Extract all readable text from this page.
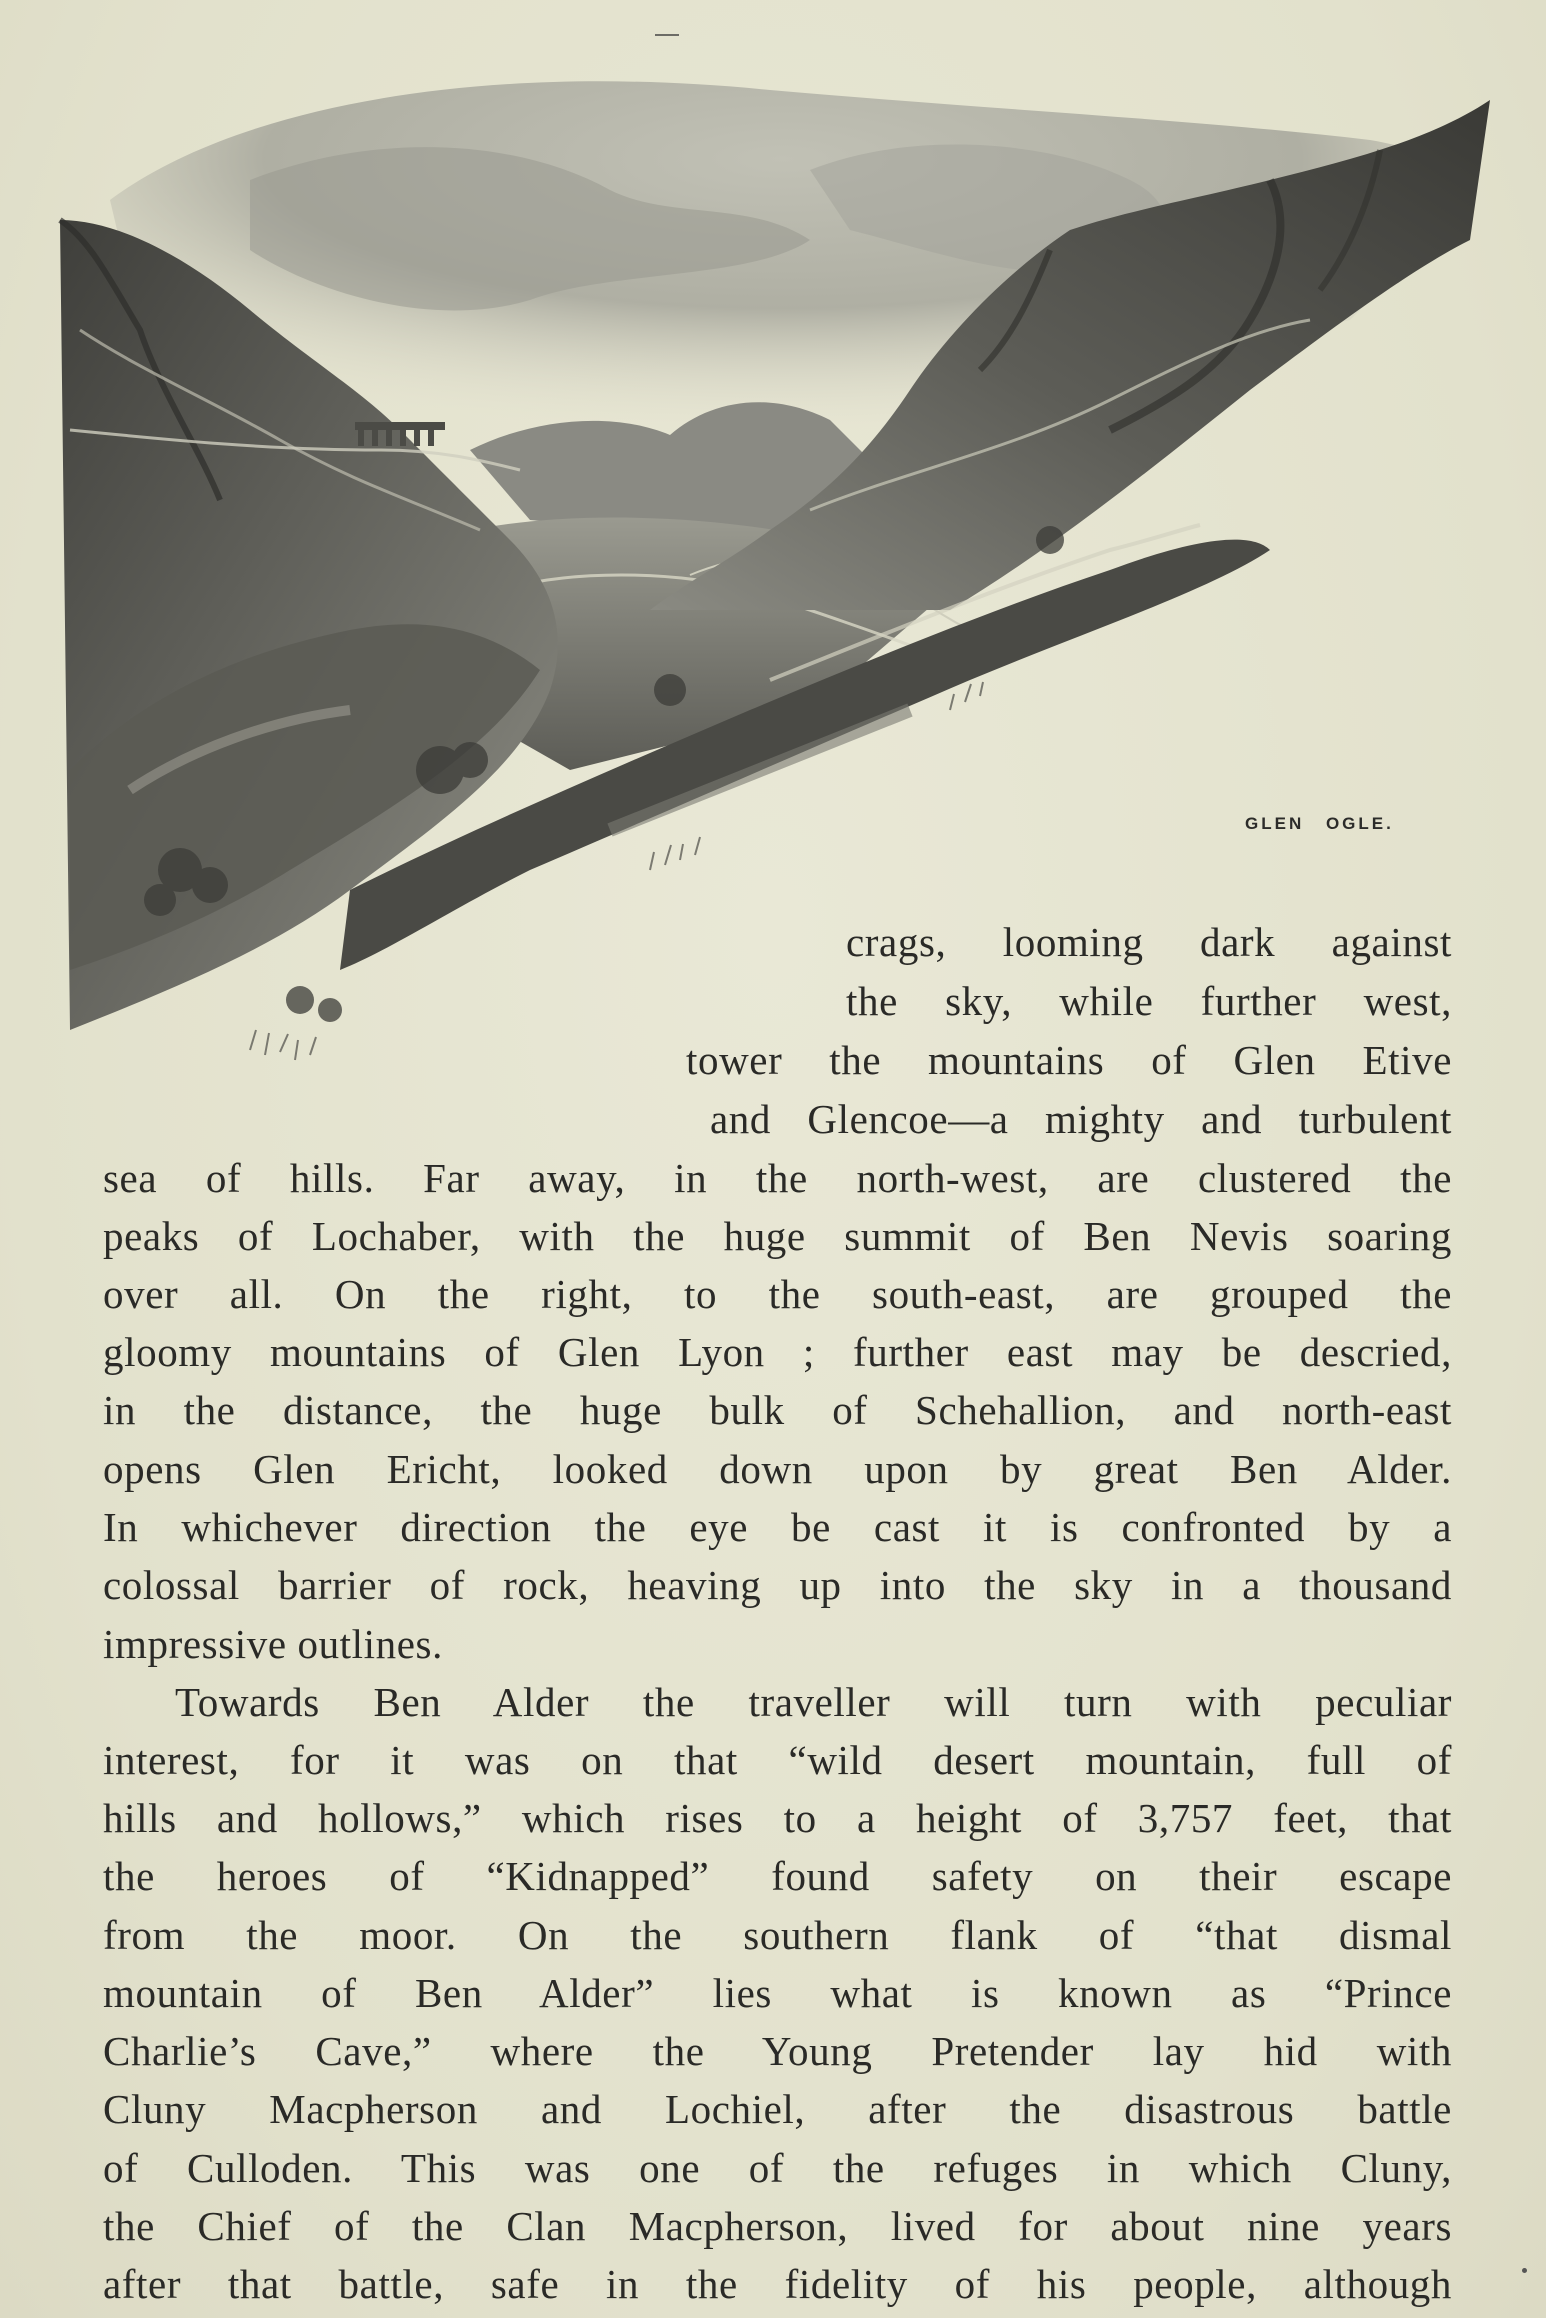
GLEN OGLE.
crags, looming dark against
the sky, while further west,
tower the mountains of Glen Etive
and Glencoe—a mighty and turbulent
sea of hills. Far away, in the north-west, are clustered the
peaks of Lochaber, with the huge summit of Ben Nevis soaring
over all. On the right, to the south-east, are grouped the
gloomy mountains of Glen Lyon ; further east may be descried,
in the distance, the huge bulk of Schehallion, and north-east
opens Glen Ericht, looked down upon by great Ben Alder.
In whichever direction the eye be cast it is confronted by a
colossal barrier of rock, heaving up into the sky in a thousand
impressive outlines.
Towards Ben Alder the traveller will turn with peculiar
interest, for it was on that “wild desert mountain, full of
hills and hollows,” which rises to a height of 3,757 feet, that
the heroes of “Kidnapped” found safety on their escape
from the moor. On the southern flank of “that dismal
mountain of Ben Alder” lies what is known as “Prince
Charlie’s Cave,” where the Young Pretender lay hid with
Cluny Macpherson and Lochiel, after the disastrous battle
of Culloden. This was one of the refuges in which Cluny,
the Chief of the Clan Macpherson, lived for about nine years
after that battle, safe in the fidelity of his people, although
